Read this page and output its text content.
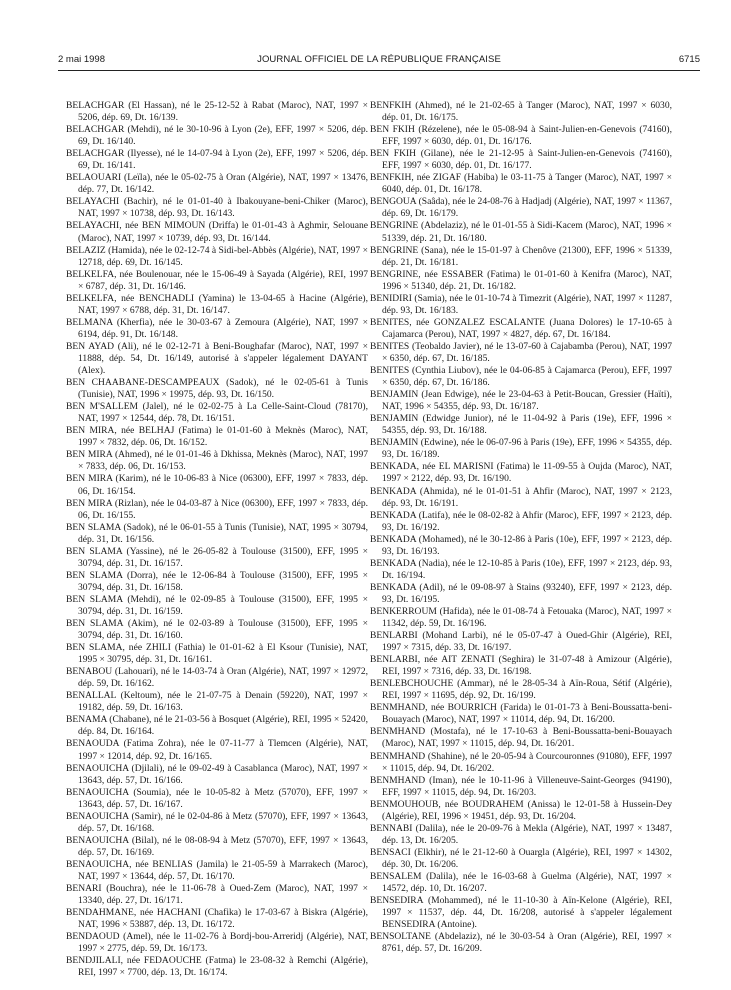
2 mai 1998	JOURNAL OFFICIEL DE LA RÉPUBLIQUE FRANÇAISE	6715

BELACHGAR (El Hassan), né le 25-12-52 à Rabat (Maroc), NAT, 1997 × 5206, dép. 69, Dt. 16/139.

BELACHGAR (Mehdi), né le 30-10-96 à Lyon (2e), EFF, 1997 × 5206, dép. 69, Dt. 16/140.

BELACHGAR (Ilyesse), né le 14-07-94 à Lyon (2e), EFF, 1997 × 5206, dép. 69, Dt. 16/141.

BELAOUARI (Leïla), née le 05-02-75 à Oran (Algérie), NAT, 1997 × 13476, dép. 77, Dt. 16/142.

BELAYACHI (Bachir), né le 01-01-40 à Ibakouyane-beni-Chiker (Maroc), NAT, 1997 × 10738, dép. 93, Dt. 16/143.

BELAYACHI, née BEN MIMOUN (Driffa) le 01-01-43 à Aghmir, Selouane (Maroc), NAT, 1997 × 10739, dép. 93, Dt. 16/144.

BELAZIZ (Hamida), née le 02-12-74 à Sidi-bel-Abbès (Algérie), NAT, 1997 × 12718, dép. 69, Dt. 16/145.

BELKELFA, née Boulenouar, née le 15-06-49 à Sayada (Algérie), REI, 1997 × 6787, dép. 31, Dt. 16/146.

BELKELFA, née BENCHADLI (Yamina) le 13-04-65 à Hacine (Algérie), NAT, 1997 × 6788, dép. 31, Dt. 16/147.

BELMANA (Kherfia), née le 30-03-67 à Zemoura (Algérie), NAT, 1997 × 6194, dép. 91, Dt. 16/148.

BEN AYAD (Ali), né le 02-12-71 à Beni-Boughafar (Maroc), NAT, 1997 × 11888, dép. 54, Dt. 16/149, autorisé à s'appeler légalement DAYANT (Alex).

BEN CHAABANE-DESCAMPEAUX (Sadok), né le 02-05-61 à Tunis (Tunisie), NAT, 1996 × 19975, dép. 93, Dt. 16/150.

BEN M'SALLEM (Jalel), né le 02-02-75 à La Celle-Saint-Cloud (78170), NAT, 1997 × 12544, dép. 78, Dt. 16/151.

BEN MIRA, née BELHAJ (Fatima) le 01-01-60 à Meknès (Maroc), NAT, 1997 × 7832, dép. 06, Dt. 16/152.

BEN MIRA (Ahmed), né le 01-01-46 à Dkhissa, Meknès (Maroc), NAT, 1997 × 7833, dép. 06, Dt. 16/153.

BEN MIRA (Karim), né le 10-06-83 à Nice (06300), EFF, 1997 × 7833, dép. 06, Dt. 16/154.

BEN MIRA (Rizlan), née le 04-03-87 à Nice (06300), EFF, 1997 × 7833, dép. 06, Dt. 16/155.

BEN SLAMA (Sadok), né le 06-01-55 à Tunis (Tunisie), NAT, 1995 × 30794, dép. 31, Dt. 16/156.

BEN SLAMA (Yassine), né le 26-05-82 à Toulouse (31500), EFF, 1995 × 30794, dép. 31, Dt. 16/157.

BEN SLAMA (Dorra), née le 12-06-84 à Toulouse (31500), EFF, 1995 × 30794, dép. 31, Dt. 16/158.

BEN SLAMA (Mehdi), né le 02-09-85 à Toulouse (31500), EFF, 1995 × 30794, dép. 31, Dt. 16/159.

BEN SLAMA (Akim), né le 02-03-89 à Toulouse (31500), EFF, 1995 × 30794, dép. 31, Dt. 16/160.

BEN SLAMA, née ZHILI (Fathia) le 01-01-62 à El Ksour (Tunisie), NAT, 1995 × 30795, dép. 31, Dt. 16/161.

BENABOU (Lahouari), né le 14-03-74 à Oran (Algérie), NAT, 1997 × 12972, dép. 59, Dt. 16/162.

BENALLAL (Keltoum), née le 21-07-75 à Denain (59220), NAT, 1997 × 19182, dép. 59, Dt. 16/163.

BENAMA (Chabane), né le 21-03-56 à Bosquet (Algérie), REI, 1995 × 52420, dép. 84, Dt. 16/164.

BENAOUDA (Fatima Zohra), née le 07-11-77 à Tlemcen (Algérie), NAT, 1997 × 12014, dép. 92, Dt. 16/165.

BENAOUICHA (Djilali), né le 09-02-49 à Casablanca (Maroc), NAT, 1997 × 13643, dép. 57, Dt. 16/166.

BENAOUICHA (Soumia), née le 10-05-82 à Metz (57070), EFF, 1997 × 13643, dép. 57, Dt. 16/167.

BENAOUICHA (Samir), né le 02-04-86 à Metz (57070), EFF, 1997 × 13643, dép. 57, Dt. 16/168.

BENAOUICHA (Bilal), né le 08-08-94 à Metz (57070), EFF, 1997 × 13643, dép. 57, Dt. 16/169.

BENAOUICHA, née BENLIAS (Jamila) le 21-05-59 à Marrakech (Maroc), NAT, 1997 × 13644, dép. 57, Dt. 16/170.

BENARI (Bouchra), née le 11-06-78 à Oued-Zem (Maroc), NAT, 1997 × 13340, dép. 27, Dt. 16/171.

BENDAHMANE, née HACHANI (Chafika) le 17-03-67 à Biskra (Algérie), NAT, 1996 × 53887, dép. 13, Dt. 16/172.

BENDAOUD (Amel), née le 11-02-76 à Bordj-bou-Arreridj (Algérie), NAT, 1997 × 2775, dép. 59, Dt. 16/173.

BENDJILALI, née FEDAOUCHE (Fatma) le 23-08-32 à Remchi (Algérie), REI, 1997 × 7700, dép. 13, Dt. 16/174.

BENFKIH (Ahmed), né le 21-02-65 à Tanger (Maroc), NAT, 1997 × 6030, dép. 01, Dt. 16/175.

BEN FKIH (Rézelene), née le 05-08-94 à Saint-Julien-en-Genevois (74160), EFF, 1997 × 6030, dép. 01, Dt. 16/176.

BEN FKIH (Gilane), née le 21-12-95 à Saint-Julien-en-Genevois (74160), EFF, 1997 × 6030, dép. 01, Dt. 16/177.

BENFKIH, née ZIGAF (Habiba) le 03-11-75 à Tanger (Maroc), NAT, 1997 × 6040, dép. 01, Dt. 16/178.

BENGOUA (Saâda), née le 24-08-76 à Hadjadj (Algérie), NAT, 1997 × 11367, dép. 69, Dt. 16/179.

BENGRINE (Abdelaziz), né le 01-01-55 à Sidi-Kacem (Maroc), NAT, 1996 × 51339, dép. 21, Dt. 16/180.

BENGRINE (Sana), née le 15-01-97 à Chenôve (21300), EFF, 1996 × 51339, dép. 21, Dt. 16/181.

BENGRINE, née ESSABER (Fatima) le 01-01-60 à Kenifra (Maroc), NAT, 1996 × 51340, dép. 21, Dt. 16/182.

BENIDIRI (Samia), née le 01-10-74 à Timezrit (Algérie), NAT, 1997 × 11287, dép. 93, Dt. 16/183.

BENITES, née GONZALEZ ESCALANTE (Juana Dolores) le 17-10-65 à Cajamarca (Perou), NAT, 1997 × 4827, dép. 67, Dt. 16/184.

BENITES (Teobaldo Javier), né le 13-07-60 à Cajabamba (Perou), NAT, 1997 × 6350, dép. 67, Dt. 16/185.

BENITES (Cynthia Liubov), née le 04-06-85 à Cajamarca (Perou), EFF, 1997 × 6350, dép. 67, Dt. 16/186.

BENJAMIN (Jean Edwige), née le 23-04-63 à Petit-Boucan, Gressier (Haïti), NAT, 1996 × 54355, dép. 93, Dt. 16/187.

BENJAMIN (Edwidge Junior), né le 11-04-92 à Paris (19e), EFF, 1996 × 54355, dép. 93, Dt. 16/188.

BENJAMIN (Edwine), née le 06-07-96 à Paris (19e), EFF, 1996 × 54355, dép. 93, Dt. 16/189.

BENKADA, née EL MARISNI (Fatima) le 11-09-55 à Oujda (Maroc), NAT, 1997 × 2122, dép. 93, Dt. 16/190.

BENKADA (Ahmida), né le 01-01-51 à Ahfir (Maroc), NAT, 1997 × 2123, dép. 93, Dt. 16/191.

BENKADA (Latifa), née le 08-02-82 à Ahfir (Maroc), EFF, 1997 × 2123, dép. 93, Dt. 16/192.

BENKADA (Mohamed), né le 30-12-86 à Paris (10e), EFF, 1997 × 2123, dép. 93, Dt. 16/193.

BENKADA (Nadia), née le 12-10-85 à Paris (10e), EFF, 1997 × 2123, dép. 93, Dt. 16/194.

BENKADA (Adil), né le 09-08-97 à Stains (93240), EFF, 1997 × 2123, dép. 93, Dt. 16/195.

BENKERROUM (Hafida), née le 01-08-74 à Fetouaka (Maroc), NAT, 1997 × 11342, dép. 59, Dt. 16/196.

BENLARBI (Mohand Larbi), né le 05-07-47 à Oued-Ghir (Algérie), REI, 1997 × 7315, dép. 33, Dt. 16/197.

BENLARBI, née AIT ZENATI (Seghira) le 31-07-48 à Amizour (Algérie), REI, 1997 × 7316, dép. 33, Dt. 16/198.

BENLEBCHOUCHE (Ammar), né le 28-05-34 à Aïn-Roua, Sétif (Algérie), REI, 1997 × 11695, dép. 92, Dt. 16/199.

BENMHAND, née BOURRICH (Farida) le 01-01-73 à Beni-Boussatta-beni-Bouayach (Maroc), NAT, 1997 × 11014, dép. 94, Dt. 16/200.

BENMHAND (Mostafa), né le 17-10-63 à Beni-Boussatta-beni-Bouayach (Maroc), NAT, 1997 × 11015, dép. 94, Dt. 16/201.

BENMHAND (Shahine), né le 20-05-94 à Courcouronnes (91080), EFF, 1997 × 11015, dép. 94, Dt. 16/202.

BENMHAND (Iman), née le 10-11-96 à Villeneuve-Saint-Georges (94190), EFF, 1997 × 11015, dép. 94, Dt. 16/203.

BENMOUHOUB, née BOUDRAHEM (Anissa) le 12-01-58 à Hussein-Dey (Algérie), REI, 1996 × 19451, dép. 93, Dt. 16/204.

BENNABI (Dalila), née le 20-09-76 à Mekla (Algérie), NAT, 1997 × 13487, dép. 13, Dt. 16/205.

BENSACI (Elkhir), né le 21-12-60 à Ouargla (Algérie), REI, 1997 × 14302, dép. 30, Dt. 16/206.

BENSALEM (Dalila), née le 16-03-68 à Guelma (Algérie), NAT, 1997 × 14572, dép. 10, Dt. 16/207.

BENSEDIRA (Mohammed), né le 11-10-30 à Aïn-Kelone (Algérie), REI, 1997 × 11537, dép. 44, Dt. 16/208, autorisé à s'appeler légalement BENSEDIRA (Antoine).

BENSOLTANE (Abdelaziz), né le 30-03-54 à Oran (Algérie), REI, 1997 × 8761, dép. 57, Dt. 16/209.
